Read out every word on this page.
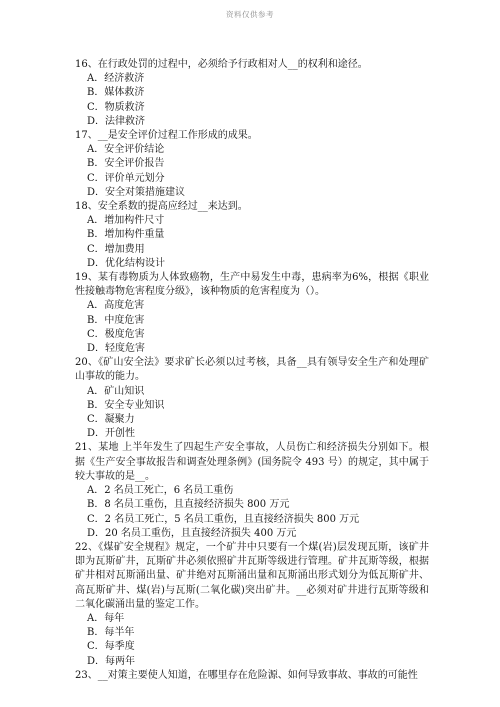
资料仅供参考

16、在行政处罚的过程中，必须给予行政相对人__的权利和途径。

A．经济救济

B．媒体救济

C．物质救济

D．法律救济

17、__是安全评价过程工作形成的成果。

A．安全评价结论

B．安全评价报告

C．评价单元划分

D．安全对策措施建议

18、安全系数的提高应经过__来达到。

A．增加构件尺寸

B．增加构件重量

C．增加费用

D．优化结构设计

19、某有毒物质为人体致癌物，生产中易发生中毒，患病率为6%，根据《职业性接触毒物危害程度分级》，该种物质的危害程度为（）。

A．高度危害

B．中度危害

C．极度危害

D．轻度危害

20、《矿山安全法》要求矿长必须以过考核，具备__具有领导安全生产和处理矿山事故的能力。

A．矿山知识

B．安全专业知识

C．凝聚力

D．开创性

21、某地 上半年发生了四起生产安全事故，人员伤亡和经济损失分别如下。根据《生产安全事故报告和调查处理条例》(国务院令 493 号）的规定，其中属于较大事故的是__。

A．2 名员工死亡，6 名员工重伤

B．8 名员工重伤，且直接经济损失 800 万元

C．2 名员工死亡，5 名员工重伤，且直接经济损失 800 万元

D．20 名员工重伤，且直接经济损失 400 万元

22、《煤矿安全规程》规定，一个矿井中只要有一个煤(岩)层发现瓦斯，该矿井即为瓦斯矿井，瓦斯矿井必须依照矿井瓦斯等级进行管理。矿井瓦斯等级，根据矿井相对瓦斯涌出量、矿井绝对瓦斯涌出量和瓦斯涌出形式划分为低瓦斯矿井、高瓦斯矿井、煤(岩)与瓦斯(二氧化碳)突出矿井。__必须对矿井进行瓦斯等级和二氧化碳涌出量的鉴定工作。

A．每年

B．每半年

C．每季度

D．每两年

23、__对策主要使人知道，在哪里存在危险源、如何导致事故、事故的可能性
